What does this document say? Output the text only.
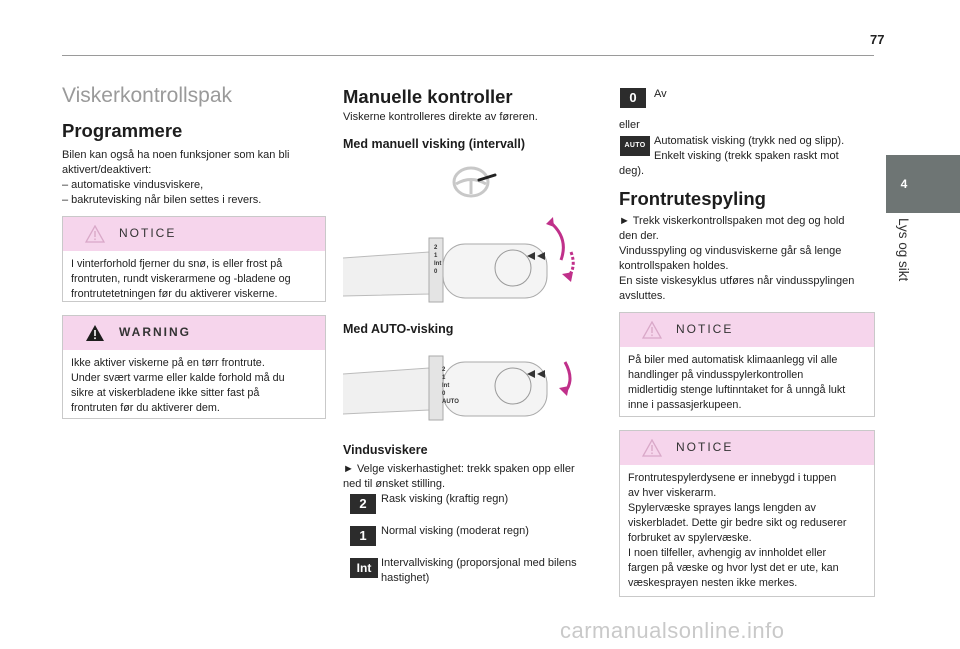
77
4
Lys og sikt
Viskerkontrollspak
Programmere
Bilen kan også ha noen funksjoner som kan bli
aktivert/deaktivert:
– automatiske vindusviskere,
– bakrutevisking når bilen settes i revers.
NOTICE
I vinterforhold fjerner du snø, is eller frost på
frontruten, rundt viskerarmene og -bladene og
frontrutetetningen før du aktiverer viskerne.
WARNING
Ikke aktiver viskerne på en tørr frontrute.
Under svært varme eller kalde forhold må du
sikre at viskerbladene ikke sitter fast på
frontruten før du aktiverer dem.
Manuelle kontroller
Viskerne kontrolleres direkte av føreren.
Med manuell visking (intervall)
2
1
Int
0
Med AUTO-visking
2
1
Int
0
AUTO
Vindusviskere
► Velge viskerhastighet: trekk spaken opp eller
ned til ønsket stilling.
2	Rask visking (kraftig regn)
1	Normal visking (moderat regn)
Int Intervallvisking (proporsjonal med bilens
hastighet)
0	Av
eller
AUTO Automatisk visking (trykk ned og slipp).
Enkelt visking (trekk spaken raskt mot
deg).
Frontrutespyling
► Trekk viskerkontrollspaken mot deg og hold
den der.
Vindusspyling og vindusviskerne går så lenge
kontrollspaken holdes.
En siste viskesyklus utføres når vindusspylingen
avsluttes.
NOTICE
På biler med automatisk klimaanlegg vil alle
handlinger på vindusspylerkontrollen
midlertidig stenge luftinntaket for å unngå lukt
inne i passasjerkupeen.
NOTICE
Frontrutespylerdysene er innebygd i tuppen
av hver viskerarm.
Spylervæske sprayes langs lengden av
viskerbladet. Dette gir bedre sikt og reduserer
forbruket av spylervæske.
I noen tilfeller, avhengig av innholdet eller
fargen på væske og hvor lyst det er ute, kan
væskesprayen nesten ikke merkes.
carmanualsonline.info
